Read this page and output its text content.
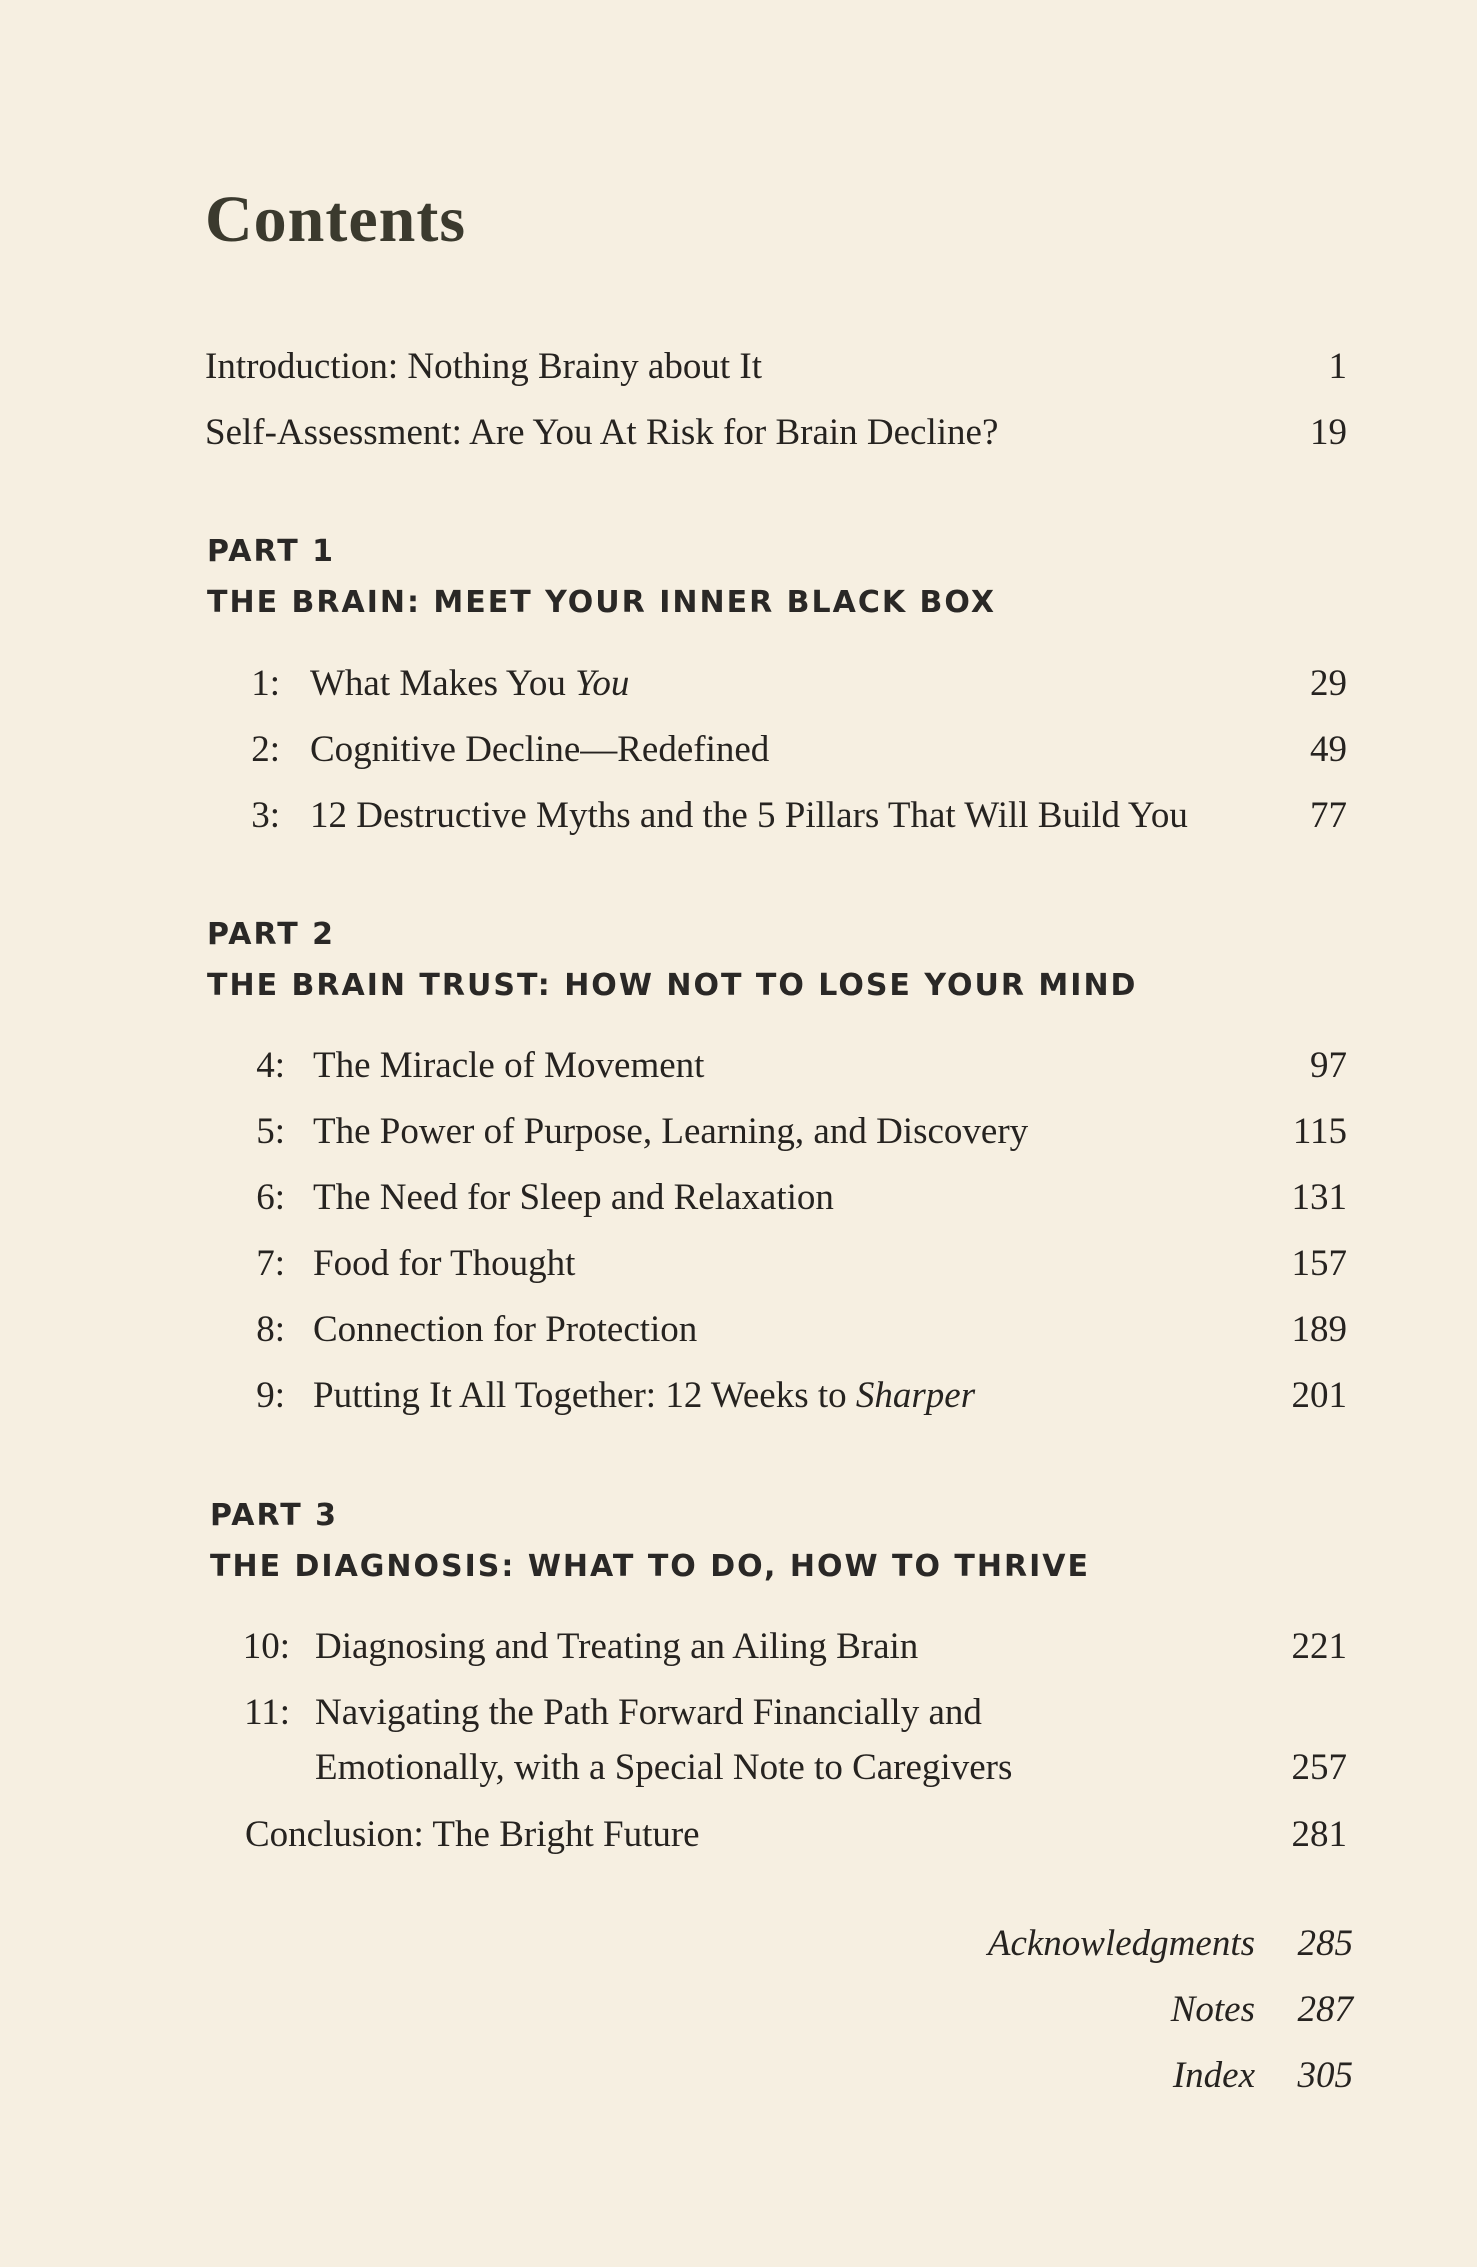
Contents
Introduction: Nothing Brainy about It	1
Self-Assessment: Are You At Risk for Brain Decline?	19
PART 1
THE BRAIN: MEET YOUR INNER BLACK BOX
1: What Makes You You	29
2: Cognitive Decline—Redefined	49
3: 12 Destructive Myths and the 5 Pillars That Will Build You	77
PART 2
THE BRAIN TRUST: HOW NOT TO LOSE YOUR MIND
4: The Miracle of Movement	97
5: The Power of Purpose, Learning, and Discovery	115
6: The Need for Sleep and Relaxation	131
7: Food for Thought	157
8: Connection for Protection	189
9: Putting It All Together: 12 Weeks to Sharper	201
PART 3
THE DIAGNOSIS: WHAT TO DO, HOW TO THRIVE
10: Diagnosing and Treating an Ailing Brain	221
11: Navigating the Path Forward Financially and
Emotionally, with a Special Note to Caregivers	257
Conclusion: The Bright Future	281
Acknowledgments	285
Notes	287
Index	305
